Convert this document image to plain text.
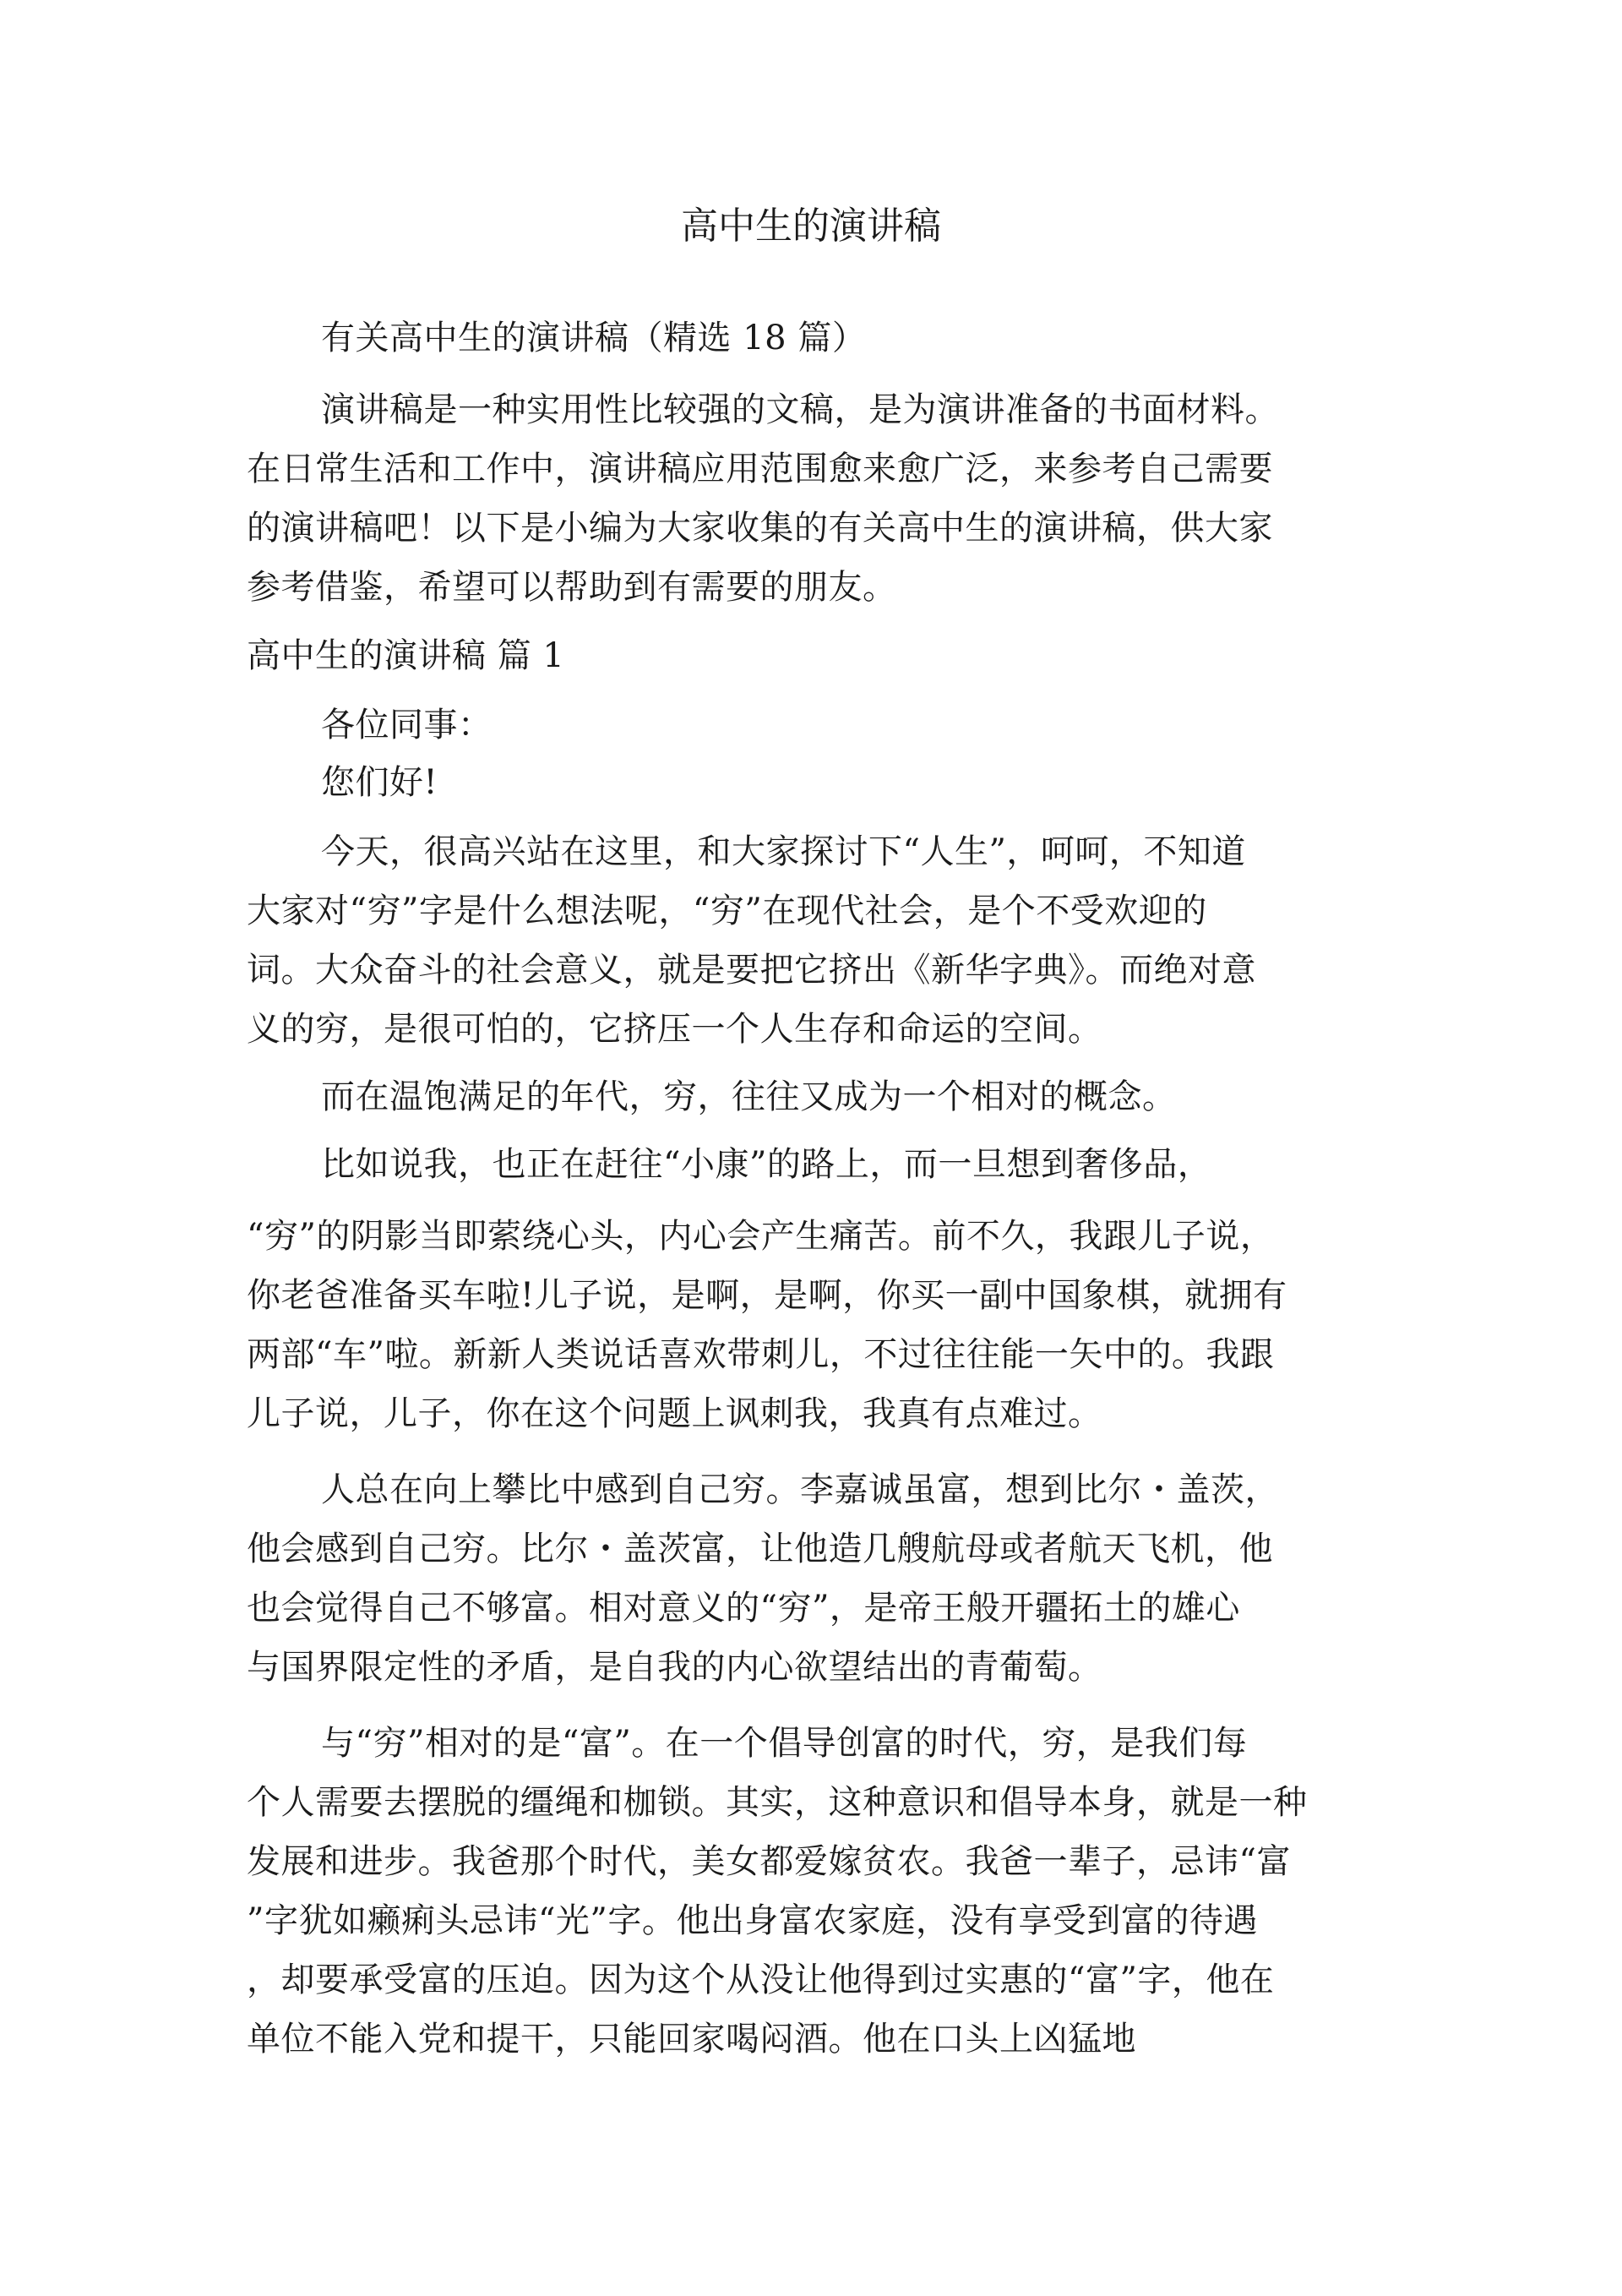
高中生的演讲稿
有关高中生的演讲稿（精选 18 篇）
演讲稿是一种实用性比较强的文稿，是为演讲准备的书面材料。
在日常生活和工作中，演讲稿应用范围愈来愈广泛，来参考自己需要
的演讲稿吧！以下是小编为大家收集的有关高中生的演讲稿，供大家
参考借鉴，希望可以帮助到有需要的朋友。
高中生的演讲稿 篇 1
各位同事：
您们好!
今天，很高兴站在这里，和大家探讨下“人生”，呵呵，不知道
大家对“穷”字是什么想法呢，“穷”在现代社会，是个不受欢迎的
词。大众奋斗的社会意义，就是要把它挤出《新华字典》。而绝对意
义的穷，是很可怕的，它挤压一个人生存和命运的空间。
而在温饱满足的年代，穷，往往又成为一个相对的概念。
比如说我，也正在赶往“小康”的路上，而一旦想到奢侈品，
“穷”的阴影当即萦绕心头，内心会产生痛苦。前不久，我跟儿子说，
你老爸准备买车啦!儿子说，是啊，是啊，你买一副中国象棋，就拥有
两部“车”啦。新新人类说话喜欢带刺儿，不过往往能一矢中的。我跟
儿子说，儿子，你在这个问题上讽刺我，我真有点难过。
人总在向上攀比中感到自己穷。李嘉诚虽富，想到比尔・盖茨，
他会感到自己穷。比尔・盖茨富，让他造几艘航母或者航天飞机，他
也会觉得自己不够富。相对意义的“穷”，是帝王般开疆拓土的雄心
与国界限定性的矛盾，是自我的内心欲望结出的青葡萄。
与“穷”相对的是“富”。在一个倡导创富的时代，穷，是我们每
个人需要去摆脱的缰绳和枷锁。其实，这种意识和倡导本身，就是一种
发展和进步。我爸那个时代，美女都爱嫁贫农。我爸一辈子，忌讳“富
”字犹如癞痢头忌讳“光”字。他出身富农家庭，没有享受到富的待遇
，却要承受富的压迫。因为这个从没让他得到过实惠的“富”字，他在
单位不能入党和提干，只能回家喝闷酒。他在口头上凶猛地
